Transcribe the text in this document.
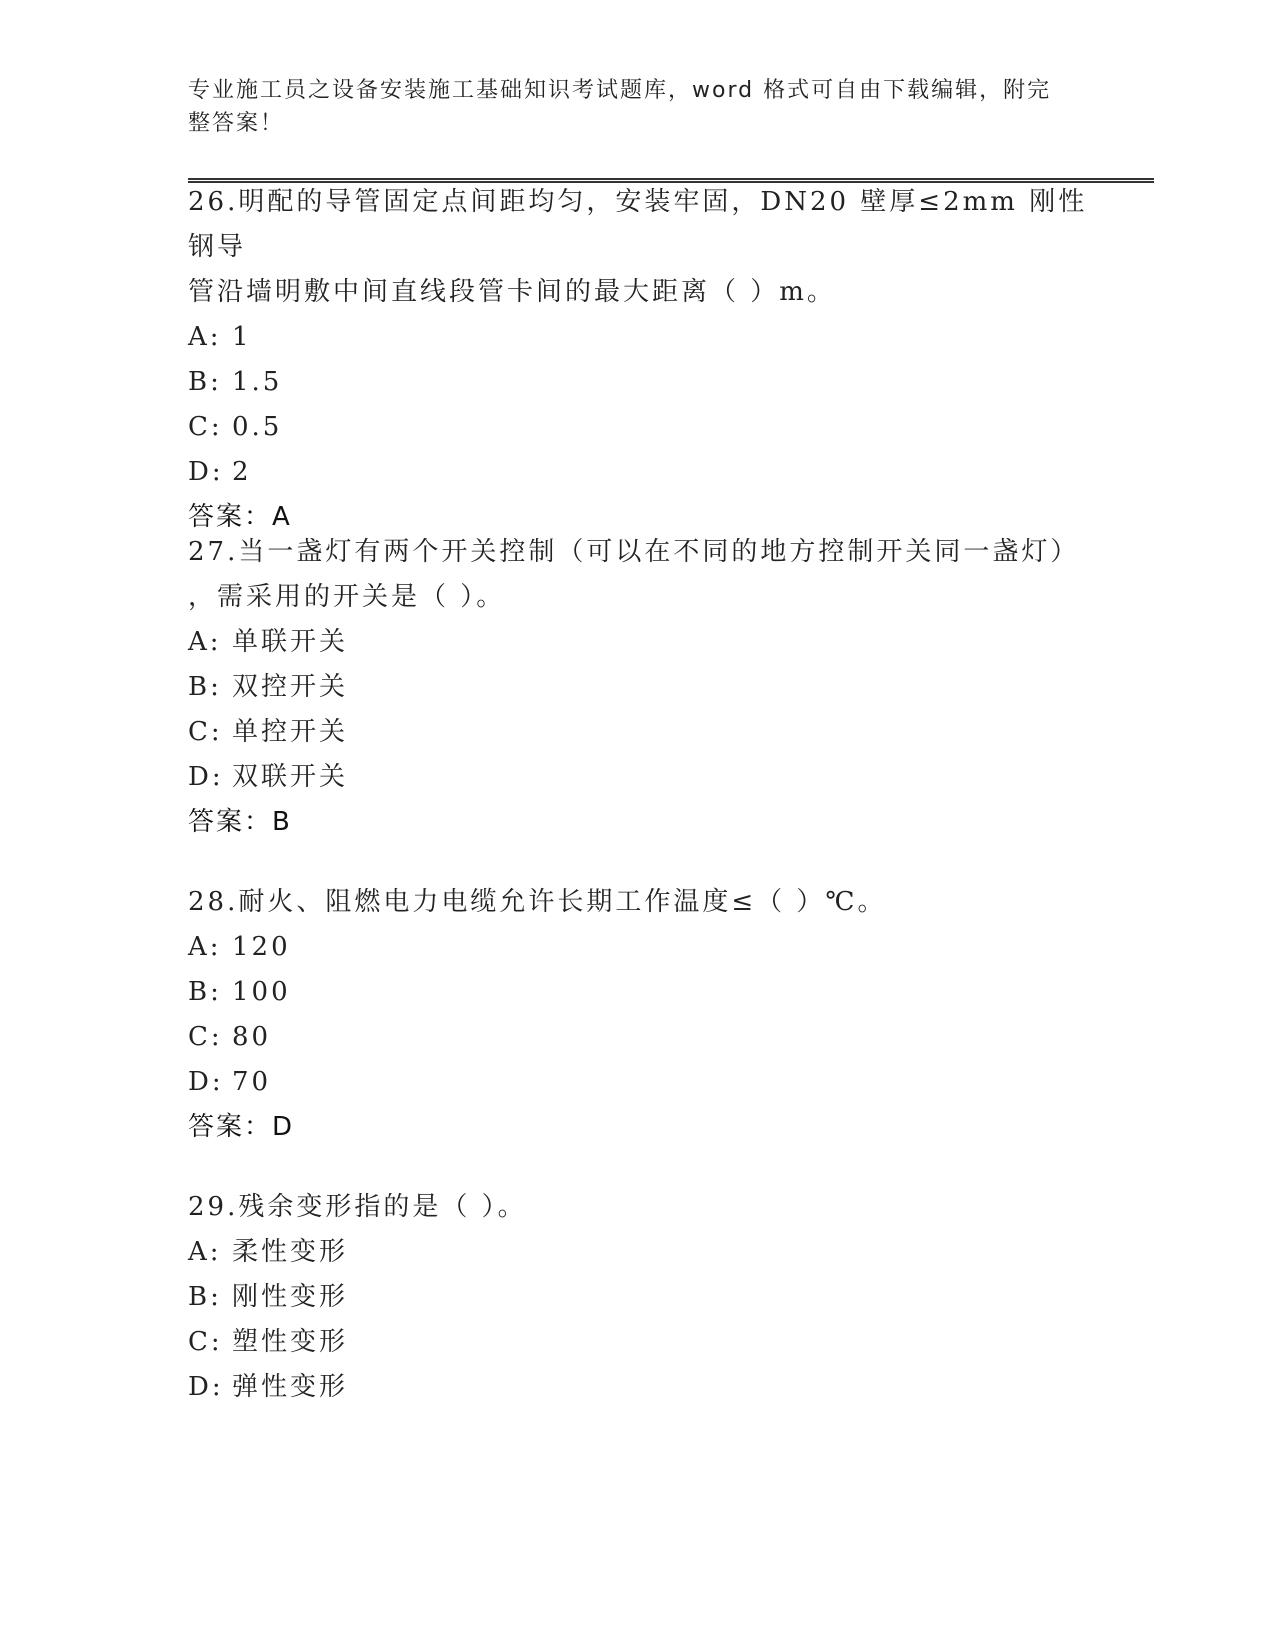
专业施工员之设备安装施工基础知识考试题库，word 格式可自由下载编辑，附完
整答案！
26.明配的导管固定点间距均匀，安装牢固，DN20 壁厚≤2mm 刚性钢导
管沿墙明敷中间直线段管卡间的最大距离（ ）m。
A: 1
B: 1.5
C: 0.5
D: 2
答案：A
27.当一盏灯有两个开关控制（可以在不同的地方控制开关同一盏灯）
，需采用的开关是（ ）。
A: 单联开关
B: 双控开关
C: 单控开关
D: 双联开关
答案：B
28.耐火、阻燃电力电缆允许长期工作温度≤（ ）℃。
A: 120
B: 100
C: 80
D: 70
答案：D
29.残余变形指的是（ ）。
A: 柔性变形
B: 刚性变形
C: 塑性变形
D: 弹性变形
